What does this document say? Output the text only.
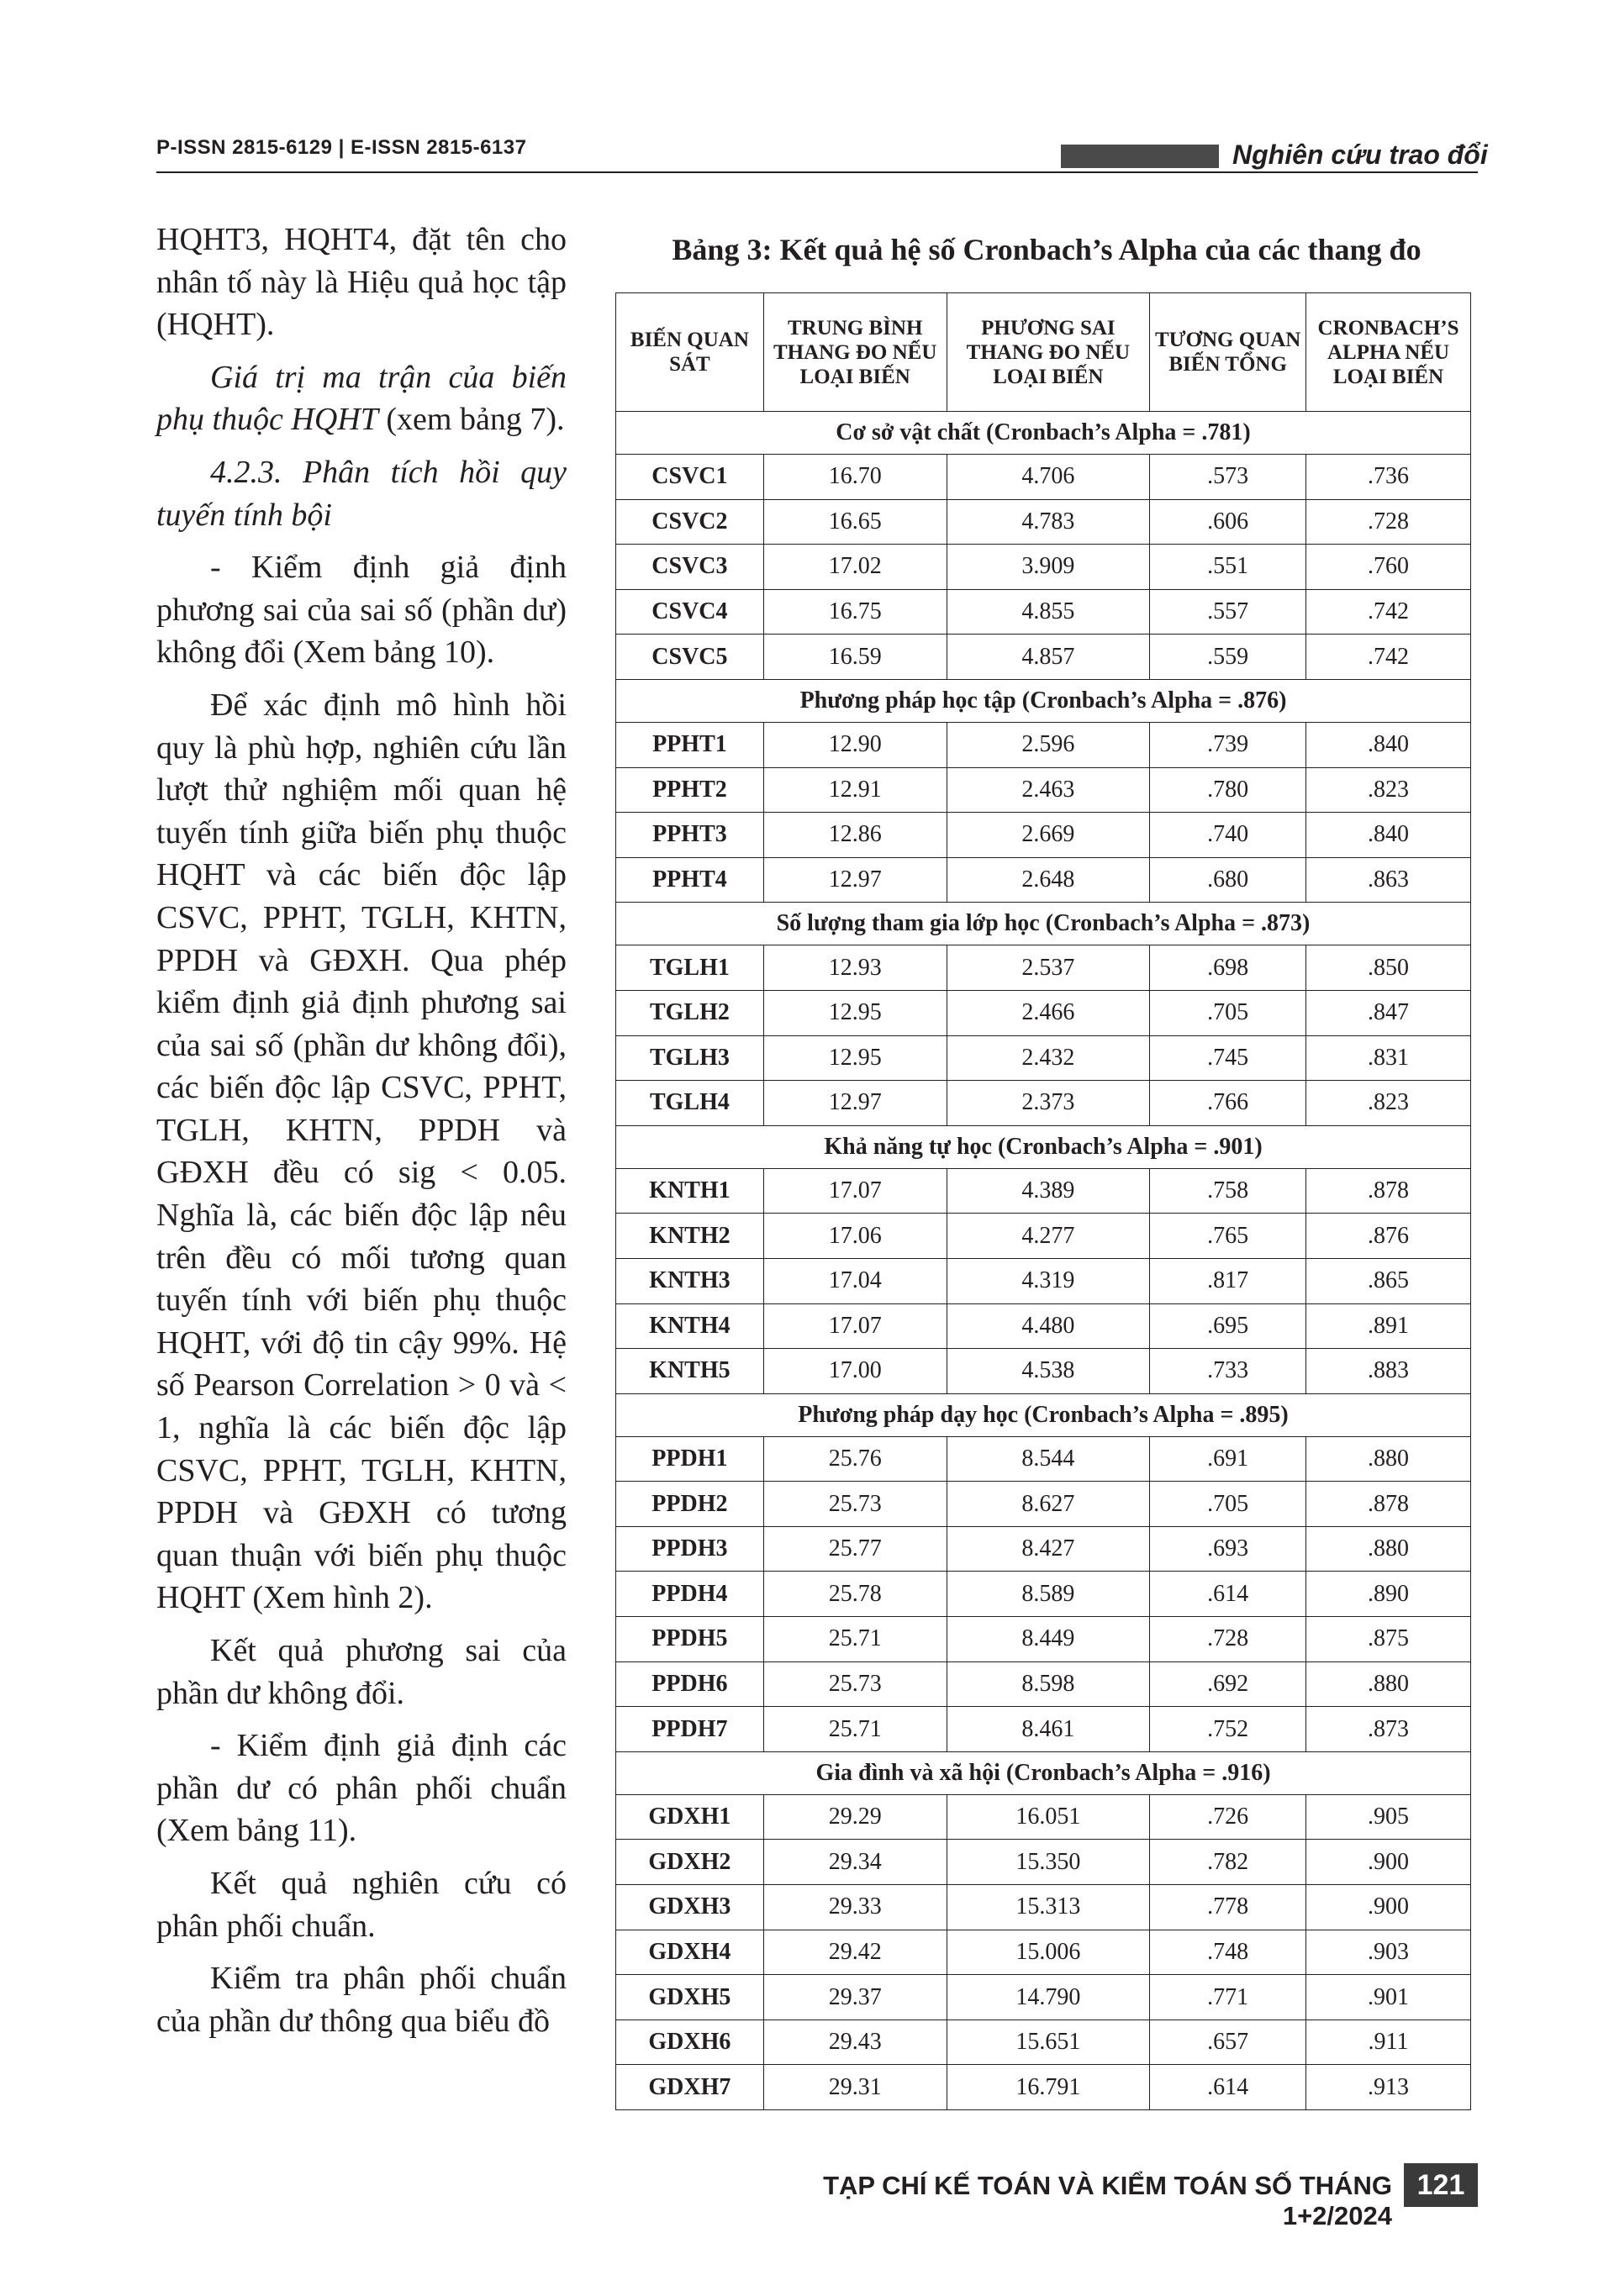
P-ISSN 2815-6129 | E-ISSN 2815-6137	Nghiên cứu trao đổi

HQHT3, HQHT4, đặt tên cho nhân tố này là Hiệu quả học tập (HQHT).

Giá trị ma trận của biến phụ thuộc HQHT (xem bảng 7).

4.2.3. Phân tích hồi quy tuyến tính bội

- Kiểm định giả định phương sai của sai số (phần dư) không đổi (Xem bảng 10).

Để xác định mô hình hồi quy là phù hợp, nghiên cứu lần lượt thử nghiệm mối quan hệ tuyến tính giữa biến phụ thuộc HQHT và các biến độc lập CSVC, PPHT, TGLH, KHTN, PPDH và GĐXH. Qua phép kiểm định giả định phương sai của sai số (phần dư không đổi), các biến độc lập CSVC, PPHT, TGLH, KHTN, PPDH và GĐXH đều có sig < 0.05. Nghĩa là, các biến độc lập nêu trên đều có mối tương quan tuyến tính với biến phụ thuộc HQHT, với độ tin cậy 99%. Hệ số Pearson Correlation > 0 và < 1, nghĩa là các biến độc lập CSVC, PPHT, TGLH, KHTN, PPDH và GĐXH có tương quan thuận với biến phụ thuộc HQHT (Xem hình 2).

Kết quả phương sai của phần dư không đổi.

- Kiểm định giả định các phần dư có phân phối chuẩn (Xem bảng 11).

Kết quả nghiên cứu có phân phối chuẩn.

Kiểm tra phân phối chuẩn của phần dư thông qua biểu đồ

Bảng 3: Kết quả hệ số Cronbach’s Alpha của các thang đo
BIẾN QUAN SÁT	TRUNG BÌNH THANG ĐO NẾU LOẠI BIẾN	PHƯƠNG SAI THANG ĐO NẾU LOẠI BIẾN	TƯƠNG QUAN BIẾN TỔNG	CRONBACH’S ALPHA NẾU LOẠI BIẾN
Cơ sở vật chất (Cronbach’s Alpha = .781)				
CSVC1	16.70	4.706	.573	.736
CSVC2	16.65	4.783	.606	.728
CSVC3	17.02	3.909	.551	.760
CSVC4	16.75	4.855	.557	.742
CSVC5	16.59	4.857	.559	.742
Phương pháp học tập (Cronbach’s Alpha = .876)				
PPHT1	12.90	2.596	.739	.840
PPHT2	12.91	2.463	.780	.823
PPHT3	12.86	2.669	.740	.840
PPHT4	12.97	2.648	.680	.863
Số lượng tham gia lớp học (Cronbach’s Alpha = .873)				
TGLH1	12.93	2.537	.698	.850
TGLH2	12.95	2.466	.705	.847
TGLH3	12.95	2.432	.745	.831
TGLH4	12.97	2.373	.766	.823
Khả năng tự học (Cronbach’s Alpha = .901)				
KNTH1	17.07	4.389	.758	.878
KNTH2	17.06	4.277	.765	.876
KNTH3	17.04	4.319	.817	.865
KNTH4	17.07	4.480	.695	.891
KNTH5	17.00	4.538	.733	.883
Phương pháp dạy học (Cronbach’s Alpha = .895)				
PPDH1	25.76	8.544	.691	.880
PPDH2	25.73	8.627	.705	.878
PPDH3	25.77	8.427	.693	.880
PPDH4	25.78	8.589	.614	.890
PPDH5	25.71	8.449	.728	.875
PPDH6	25.73	8.598	.692	.880
PPDH7	25.71	8.461	.752	.873
Gia đình và xã hội (Cronbach’s Alpha = .916)				
GDXH1	29.29	16.051	.726	.905
GDXH2	29.34	15.350	.782	.900
GDXH3	29.33	15.313	.778	.900
GDXH4	29.42	15.006	.748	.903
GDXH5	29.37	14.790	.771	.901
GDXH6	29.43	15.651	.657	.911
GDXH7	29.31	16.791	.614	.913
TẠP CHÍ KẾ TOÁN VÀ KIỂM TOÁN SỐ THÁNG 1+2/2024
121
